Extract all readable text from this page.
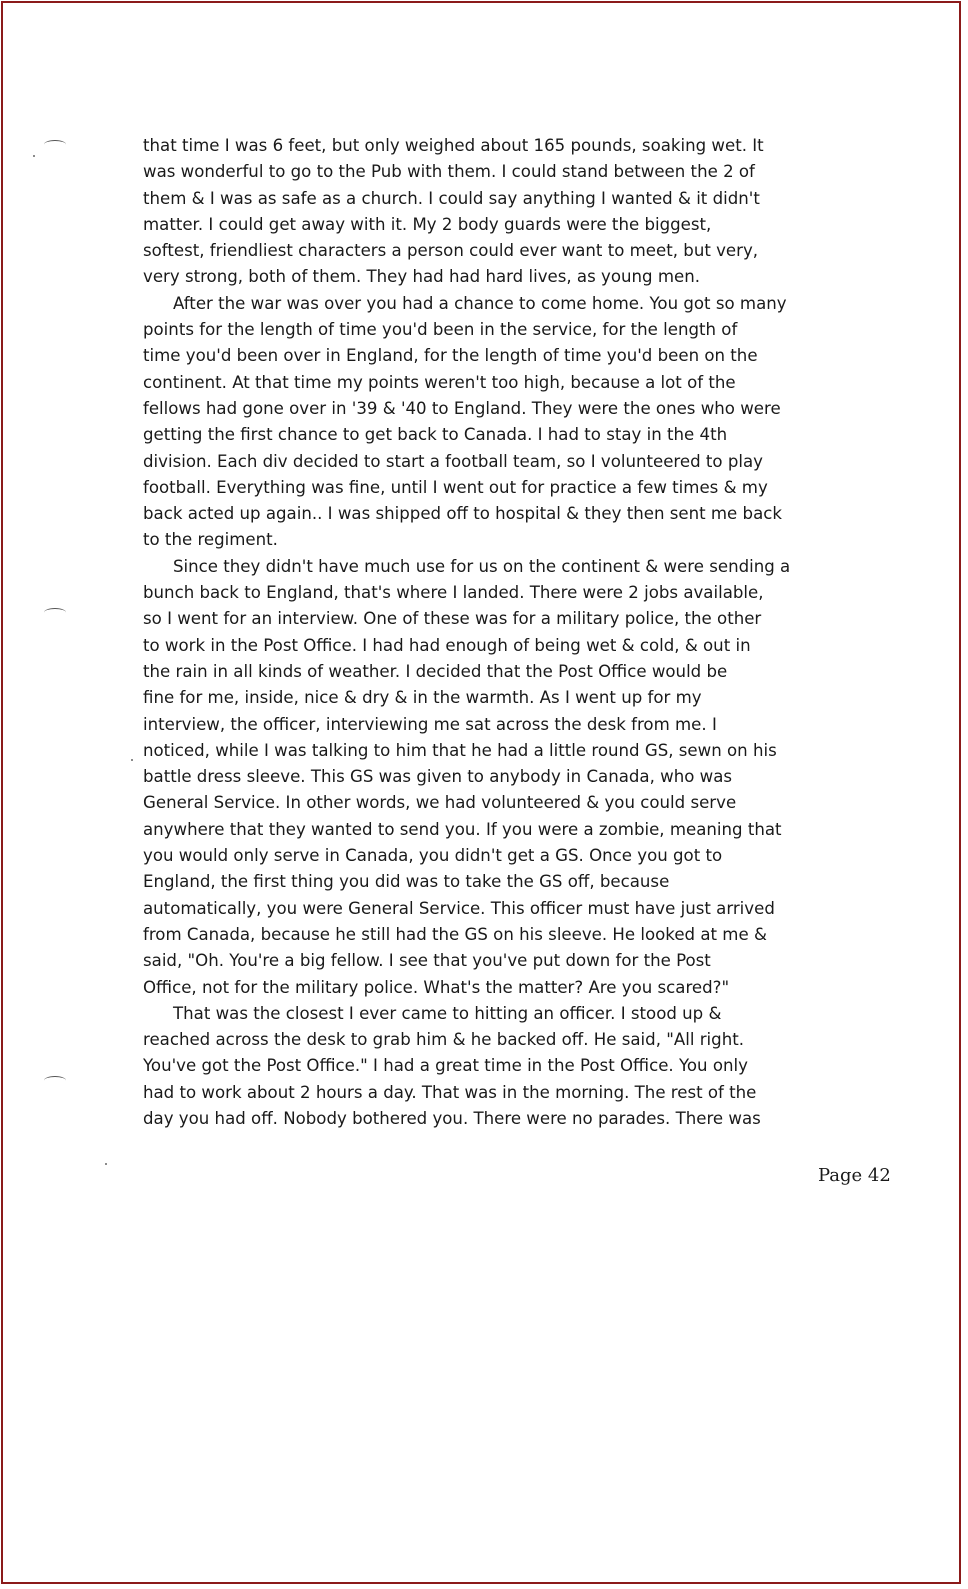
that time I was 6 feet, but only weighed about 165 pounds, soaking wet. It
was wonderful to go to the Pub with them. I could stand between the 2 of
them & I was as safe as a church. I could say anything I wanted & it didn't
matter. I could get away with it. My 2 body guards were the biggest,
softest, friendliest characters a person could ever want to meet, but very,
very strong, both of them. They had had hard lives, as young men.
After the war was over you had a chance to come home. You got so many
points for the length of time you'd been in the service, for the length of
time you'd been over in England, for the length of time you'd been on the
continent. At that time my points weren't too high, because a lot of the
fellows had gone over in '39 & '40 to England. They were the ones who were
getting the first chance to get back to Canada. I had to stay in the 4th
division. Each div decided to start a football team, so I volunteered to play
football. Everything was fine, until I went out for practice a few times & my
back acted up again.. I was shipped off to hospital & they then sent me back
to the regiment.
Since they didn't have much use for us on the continent & were sending a
bunch back to England, that's where I landed. There were 2 jobs available,
so I went for an interview. One of these was for a military police, the other
to work in the Post Office. I had had enough of being wet & cold, & out in
the rain in all kinds of weather. I decided that the Post Office would be
fine for me, inside, nice & dry & in the warmth. As I went up for my
interview, the officer, interviewing me sat across the desk from me. I
noticed, while I was talking to him that he had a little round GS, sewn on his
battle dress sleeve. This GS was given to anybody in Canada, who was
General Service. In other words, we had volunteered & you could serve
anywhere that they wanted to send you. If you were a zombie, meaning that
you would only serve in Canada, you didn't get a GS. Once you got to
England, the first thing you did was to take the GS off, because
automatically, you were General Service. This officer must have just arrived
from Canada, because he still had the GS on his sleeve. He looked at me &
said, "Oh. You're a big fellow. I see that you've put down for the Post
Office, not for the military police. What's the matter? Are you scared?"
That was the closest I ever came to hitting an officer. I stood up &
reached across the desk to grab him & he backed off. He said, "All right.
You've got the Post Office." I had a great time in the Post Office. You only
had to work about 2 hours a day. That was in the morning. The rest of the
day you had off. Nobody bothered you. There were no parades. There was
Page 42
